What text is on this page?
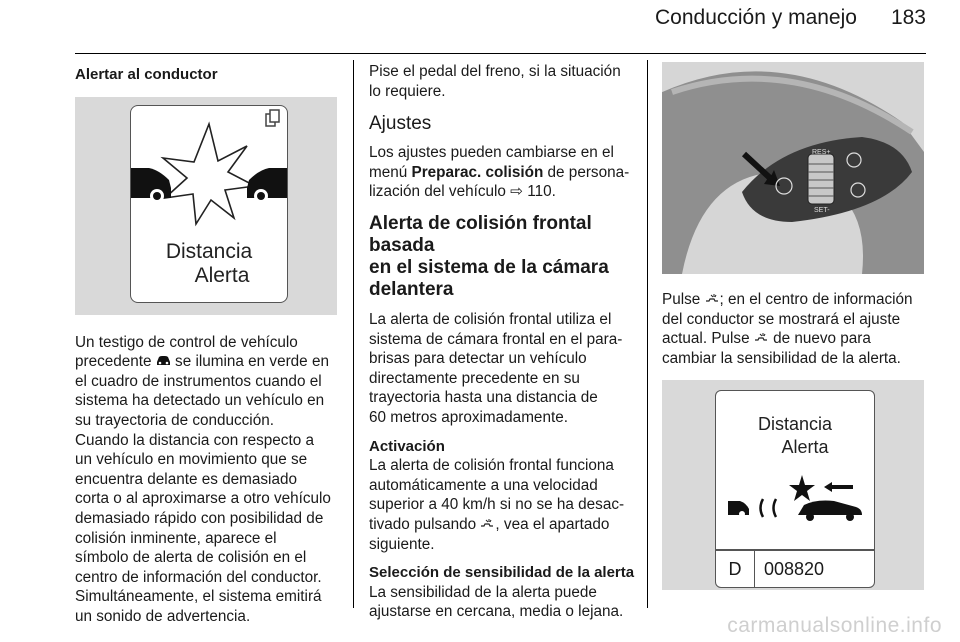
Conducción y manejo 183

Alertar al conductor

Distancia
Alerta

Un testigo de control de vehículo

precedente  se ilumina en verde en

el cuadro de instrumentos cuando el

sistema ha detectado un vehículo en

su trayectoria de conducción.

Cuando la distancia con respecto a

un vehículo en movimiento que se

encuentra delante es demasiado

corta o al aproximarse a otro vehículo

demasiado rápido con posibilidad de

colisión inminente, aparece el

símbolo de alerta de colisión en el

centro de información del conductor.

Simultáneamente, el sistema emitirá

un sonido de advertencia.

Pise el pedal del freno, si la situación

lo requiere.

Ajustes

Los ajustes pueden cambiarse en el

menú Preparac. colisión de persona-

lización del vehículo ⇨ 110.

Alerta de colisión frontal basada

en el sistema de la cámara

delantera

La alerta de colisión frontal utiliza el

sistema de cámara frontal en el para-

brisas para detectar un vehículo

directamente precedente en su

trayectoria hasta una distancia de

60 metros aproximadamente.

Activación

La alerta de colisión frontal funciona

automáticamente a una velocidad

superior a 40 km/h si no se ha desac-

tivado pulsando , vea el apartado

siguiente.

Selección de sensibilidad de la alerta

La sensibilidad de la alerta puede

ajustarse en cercana, media o lejana.

RES+
SET-

Pulse ; en el centro de información

del conductor se mostrará el ajuste

actual. Pulse  de nuevo para

cambiar la sensibilidad de la alerta.

Distancia
Alerta
D	008820
carmanualsonline.info
